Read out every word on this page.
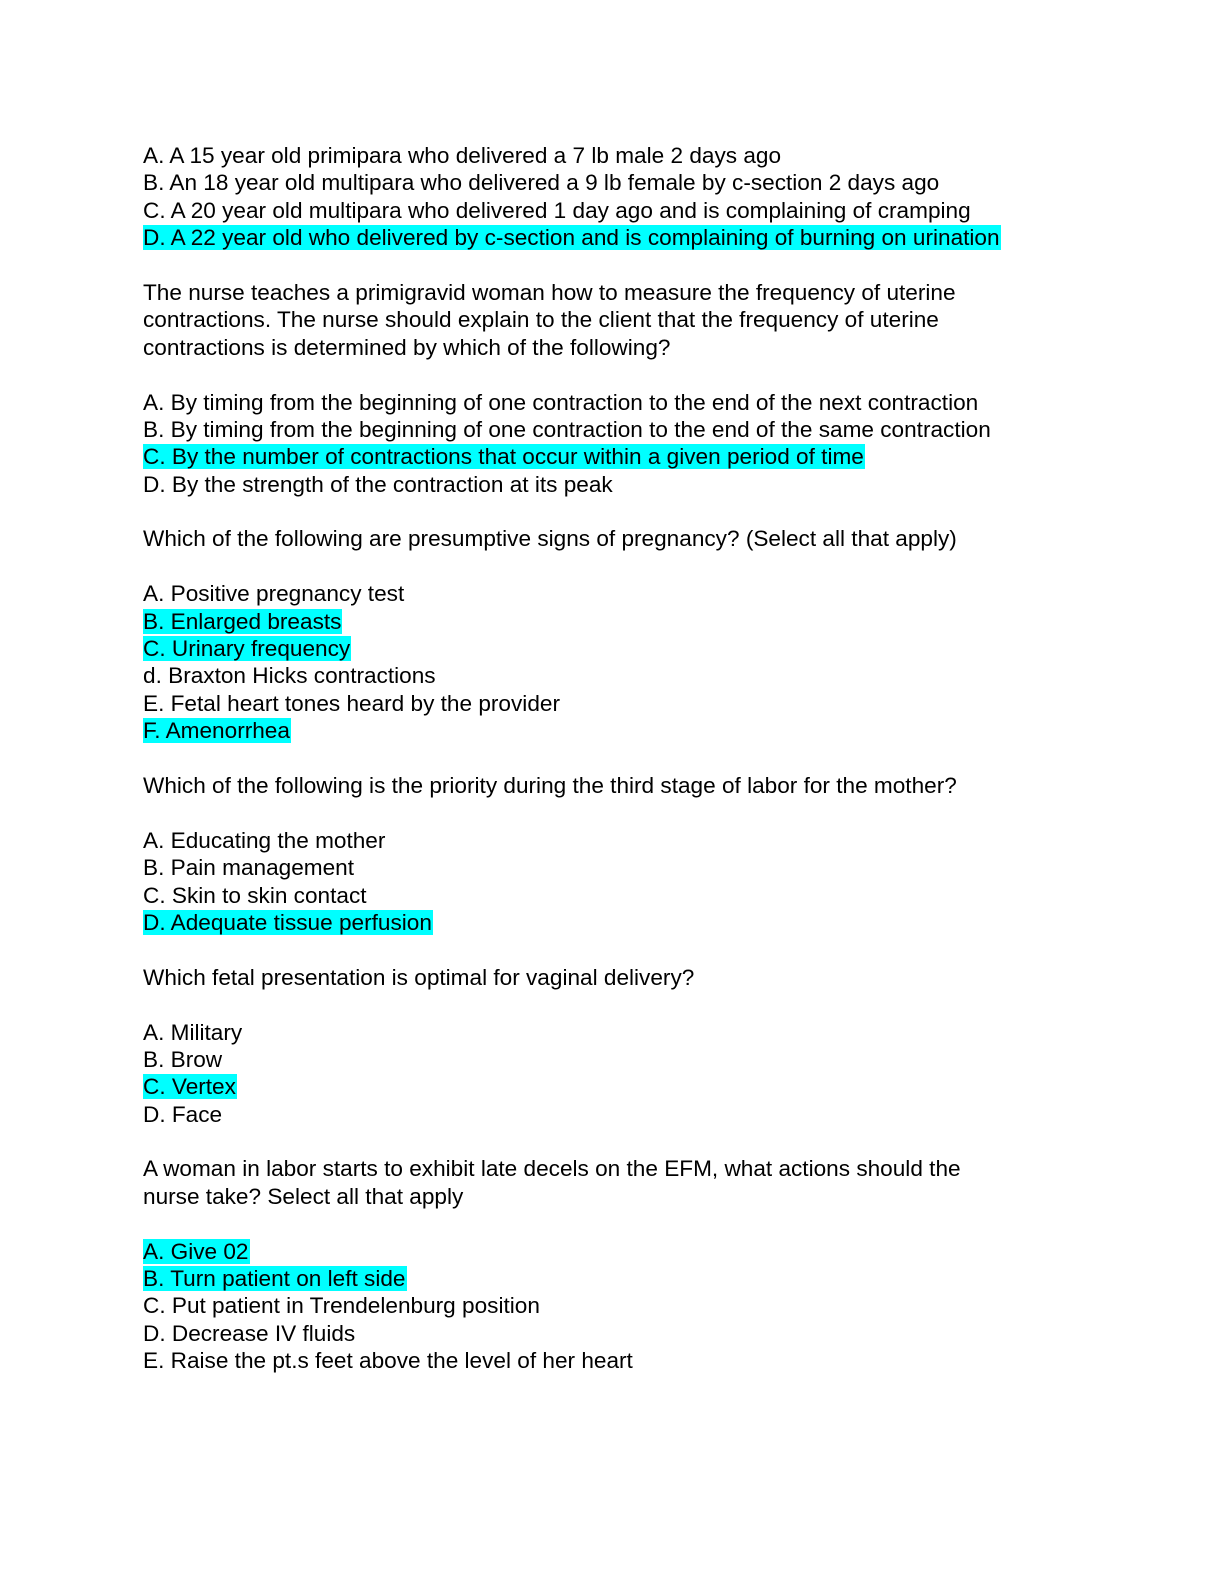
A. A 15 year old primipara who delivered a 7 lb male 2 days ago
B. An 18 year old multipara who delivered a 9 lb female by c-section 2 days ago
C. A 20 year old multipara who delivered 1 day ago and is complaining of cramping
D. A 22 year old who delivered by c-section and is complaining of burning on urination
The nurse teaches a primigravid woman how to measure the frequency of uterine
contractions. The nurse should explain to the client that the frequency of uterine
contractions is determined by which of the following?
A. By timing from the beginning of one contraction to the end of the next contraction
B. By timing from the beginning of one contraction to the end of the same contraction
C. By the number of contractions that occur within a given period of time
D. By the strength of the contraction at its peak
Which of the following are presumptive signs of pregnancy? (Select all that apply)
A. Positive pregnancy test
B. Enlarged breasts
C. Urinary frequency
d. Braxton Hicks contractions
E. Fetal heart tones heard by the provider
F. Amenorrhea
Which of the following is the priority during the third stage of labor for the mother?
A. Educating the mother
B. Pain management
C. Skin to skin contact
D. Adequate tissue perfusion
Which fetal presentation is optimal for vaginal delivery?
A. Military
B. Brow
C. Vertex
D. Face
A woman in labor starts to exhibit late decels on the EFM, what actions should the
nurse take? Select all that apply
A. Give 02
B. Turn patient on left side
C. Put patient in Trendelenburg position
D. Decrease IV fluids
E. Raise the pt.s feet above the level of her heart
